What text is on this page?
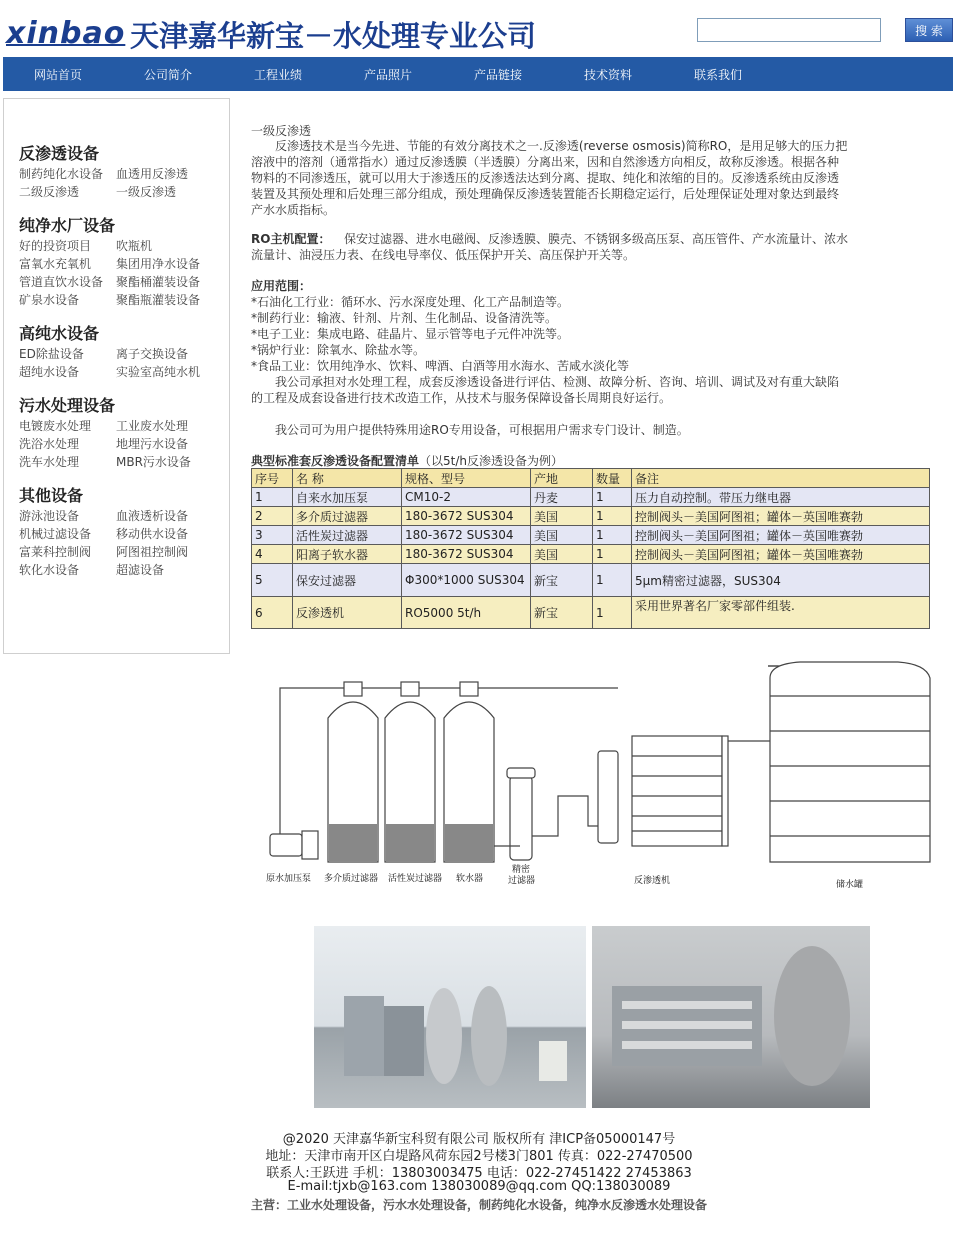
xinbao 天津嘉华新宝－水处理专业公司	搜 索
网站首页	公司简介	工程业绩	产品照片	产品链接	技术资料	联系我们
反渗透设备
制药纯化水设备 血透用反渗透
二级反渗透	一级反渗透
纯净水厂设备
好的投资项目 吹瓶机
富氧水充氧机 集团用净水设备
管道直饮水设备 聚酯桶灌装设备
矿泉水设备	聚酯瓶灌装设备
高纯水设备
ED除盐设备	离子交换设备
超纯水设备	实验室高纯水机
污水处理设备
电镀废水处理 工业废水处理
洗浴水处理	地埋污水设备
洗车水处理	MBR污水设备
其他设备
游泳池设备	血液透析设备
机械过滤设备 移动供水设备
富莱科控制阀 阿图祖控制阀
软化水设备	超滤设备
一级反渗透
　　反渗透技术是当今先进、节能的有效分离技术之一.反渗透(reverse osmosis)简称RO，是用足够大的压力把
溶液中的溶剂（通常指水）通过反渗透膜（半透膜）分离出来，因和自然渗透方向相反，故称反渗透。根据各种
物料的不同渗透压，就可以用大于渗透压的反渗透法达到分离、提取、纯化和浓缩的目的。反渗透系统由反渗透
装置及其预处理和后处理三部分组成，预处理确保反渗透装置能否长期稳定运行，后处理保证处理对象达到最终
产水水质指标。
RO主机配置： 保安过滤器、进水电磁阀、反渗透膜、膜壳、不锈钢多级高压泵、高压管件、产水流量计、浓水
流量计、油浸压力表、在线电导率仪、低压保护开关、高压保护开关等。
应用范围：
*石油化工行业：循环水、污水深度处理、化工产品制造等。
*制药行业：输液、针剂、片剂、生化制品、设备清洗等。
*电子工业：集成电路、硅晶片、显示管等电子元件冲洗等。
*锅炉行业：除氧水、除盐水等。
*食品工业：饮用纯净水、饮料、啤酒、白酒等用水海水、苦咸水淡化等
　　我公司承担对水处理工程，成套反渗透设备进行评估、检测、故障分析、咨询、培训、调试及对有重大缺陷
的工程及成套设备进行技术改造工作，从技术与服务保障设备长周期良好运行。
　　我公司可为用户提供特殊用途RO专用设备，可根据用户需求专门设计、制造。
典型标准套反渗透设备配置清单（以5t/h反渗透设备为例）
序号	名 称	规格、型号	产地	数量	备注
1	自来水加压泵	CM10-2	丹麦	1	压力自动控制。带压力继电器
2	多介质过滤器	180-3672 SUS304	美国	1	控制阀头－美国阿图祖；罐体－英国唯赛勃
3	活性炭过滤器	180-3672 SUS304	美国	1	控制阀头－美国阿图祖；罐体－英国唯赛勃
4	阳离子软水器	180-3672 SUS304	美国	1	控制阀头－美国阿图祖；罐体－英国唯赛勃
5	保安过滤器	Φ300*1000 SUS304	新宝	1	5μm精密过滤器，SUS304
6	反渗透机	RO5000 5t/h	新宝	1	采用世界著名厂家零部件组装.
原水加压泵 多介质过滤器 活性炭过滤器 软水器
精密
过滤器	反渗透机	储水罐
@2020 天津嘉华新宝科贸有限公司 版权所有 津ICP备05000147号
地址：天津市南开区白堤路风荷东园2号楼3门801 传真：022-27470500
联系人:王跃进 手机：13803003475 电话：022-27451422 27453863
E-mail:tjxb@163.com 13803008​9@qq.com QQ:138030089
主营：工业水处理设备，污水水处理设备，制药纯化水设备，纯净水反渗透水处理设备
